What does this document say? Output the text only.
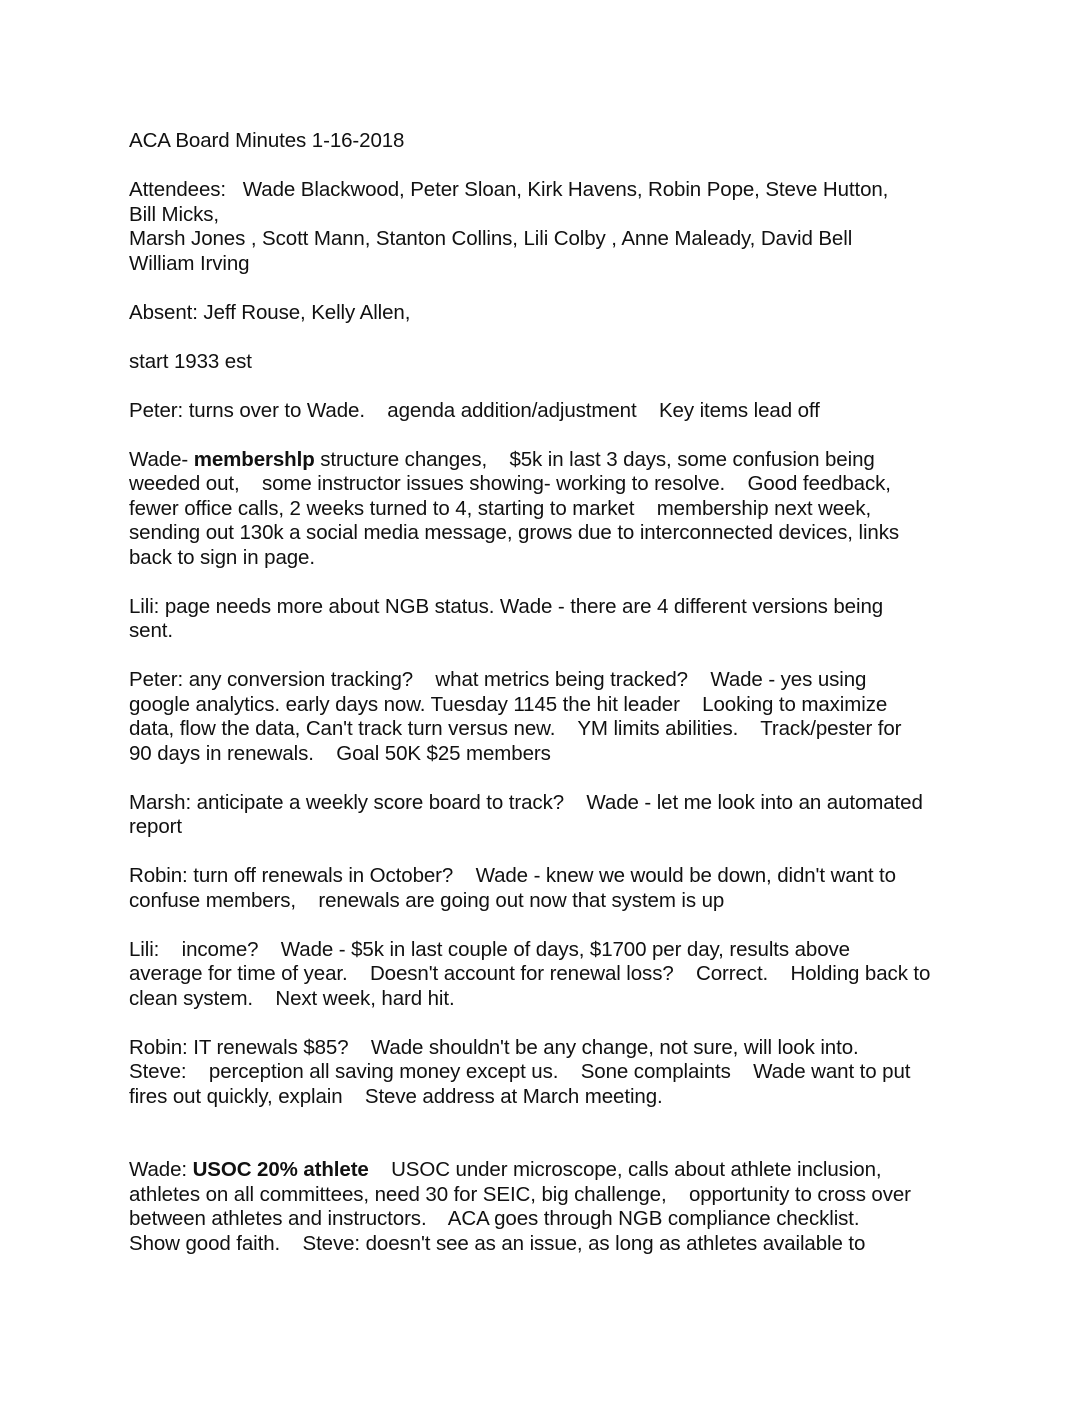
ACA Board Minutes 1-16-2018
Attendees:   Wade Blackwood, Peter Sloan, Kirk Havens, Robin Pope, Steve Hutton,
Bill Micks,
Marsh Jones , Scott Mann, Stanton Collins, Lili Colby , Anne Maleady, David Bell
William Irving
Absent: Jeff Rouse, Kelly Allen,
start 1933 est
Peter: turns over to Wade.    agenda addition/adjustment    Key items lead off
Wade- membershlp structure changes,    $5k in last 3 days, some confusion being
weeded out,    some instructor issues showing- working to resolve.    Good feedback,
fewer office calls, 2 weeks turned to 4, starting to market    membership next week,
sending out 130k a social media message, grows due to interconnected devices, links
back to sign in page.
Lili: page needs more about NGB status. Wade - there are 4 different versions being
sent.
Peter: any conversion tracking?    what metrics being tracked?    Wade - yes using
google analytics. early days now. Tuesday 1145 the hit leader    Looking to maximize
data, flow the data, Can't track turn versus new.    YM limits abilities.    Track/pester for
90 days in renewals.    Goal 50K $25 members
Marsh: anticipate a weekly score board to track?    Wade - let me look into an automated
report
Robin: turn off renewals in October?    Wade - knew we would be down, didn't want to
confuse members,    renewals are going out now that system is up
Lili:    income?    Wade - $5k in last couple of days, $1700 per day, results above
average for time of year.    Doesn't account for renewal loss?    Correct.    Holding back to
clean system.    Next week, hard hit.
Robin: IT renewals $85?    Wade shouldn't be any change, not sure, will look into.
Steve:    perception all saving money except us.    Sone complaints    Wade want to put
fires out quickly, explain    Steve address at March meeting.
Wade: USOC 20% athlete    USOC under microscope, calls about athlete inclusion,
athletes on all committees, need 30 for SEIC, big challenge,    opportunity to cross over
between athletes and instructors.    ACA goes through NGB compliance checklist.
Show good faith.    Steve: doesn't see as an issue, as long as athletes available to
